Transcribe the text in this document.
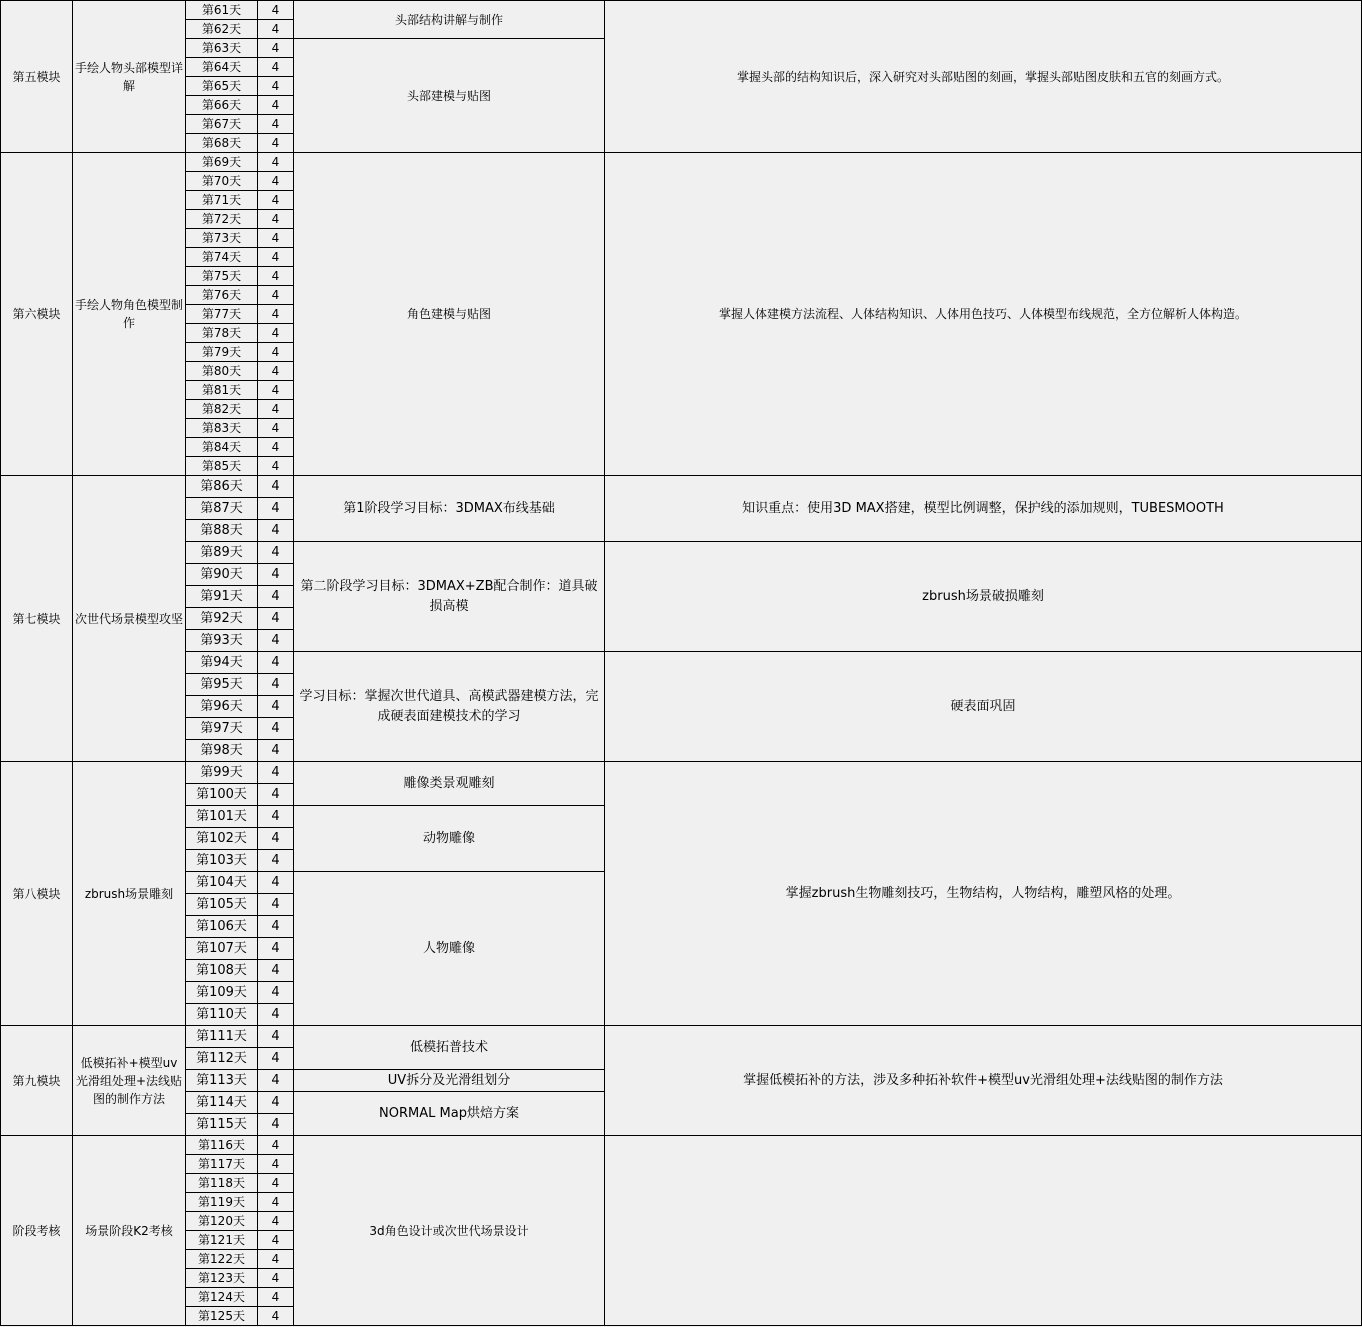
第五模块	手绘人物头部模型详解	第61天	4	头部结构讲解与制作	掌握头部的结构知识后，深入研究对头部贴图的刻画，掌握头部贴图皮肤和五官的刻画方式。
		第62天	4		
		第63天	4	头部建模与贴图	
		第64天	4		
		第65天	4		
		第66天	4		
		第67天	4		
		第68天	4		
第六模块	手绘人物角色模型制作	第69天	4	角色建模与贴图	掌握人体建模方法流程、人体结构知识、人体用色技巧、人体模型布线规范，全方位解析人体构造。
		第70天	4		
		第71天	4		
		第72天	4		
		第73天	4		
		第74天	4		
		第75天	4		
		第76天	4		
		第77天	4		
		第78天	4		
		第79天	4		
		第80天	4		
		第81天	4		
		第82天	4		
		第83天	4		
		第84天	4		
		第85天	4		
第七模块	次世代场景模型攻坚	第86天	4	第1阶段学习目标：3DMAX布线基础	知识重点：使用3D MAX搭建，模型比例调整，保护线的添加规则，TUBESMOOTH
		第87天	4		
		第88天	4		
		第89天	4	第二阶段学习目标：3DMAX+ZB配合制作：道具破损高模	zbrush场景破损雕刻
		第90天	4		
		第91天	4		
		第92天	4		
		第93天	4		
		第94天	4	学习目标：掌握次世代道具、高模武器建模方法，完成硬表面建模技术的学习	硬表面巩固
		第95天	4		
		第96天	4		
		第97天	4		
		第98天	4		
第八模块	zbrush场景雕刻	第99天	4	雕像类景观雕刻	掌握zbrush生物雕刻技巧，生物结构，人物结构，雕塑风格的处理。
		第100天	4		
		第101天	4	动物雕像	
		第102天	4		
		第103天	4		
		第104天	4	人物雕像	
		第105天	4		
		第106天	4		
		第107天	4		
		第108天	4		
		第109天	4		
		第110天	4		
第九模块	低模拓补+模型uv光滑组处理+法线贴图的制作方法	第111天	4	低模拓普技术	掌握低模拓补的方法，涉及多种拓补软件+模型uv光滑组处理+法线贴图的制作方法
		第112天	4		
		第113天	4	UV拆分及光滑组划分	
		第114天	4	NORMAL Map烘焙方案	
		第115天	4		
阶段考核	场景阶段K2考核	第116天	4	3d角色设计或次世代场景设计	
		第117天	4		
		第118天	4		
		第119天	4		
		第120天	4		
		第121天	4		
		第122天	4		
		第123天	4		
		第124天	4		
		第125天	4		
